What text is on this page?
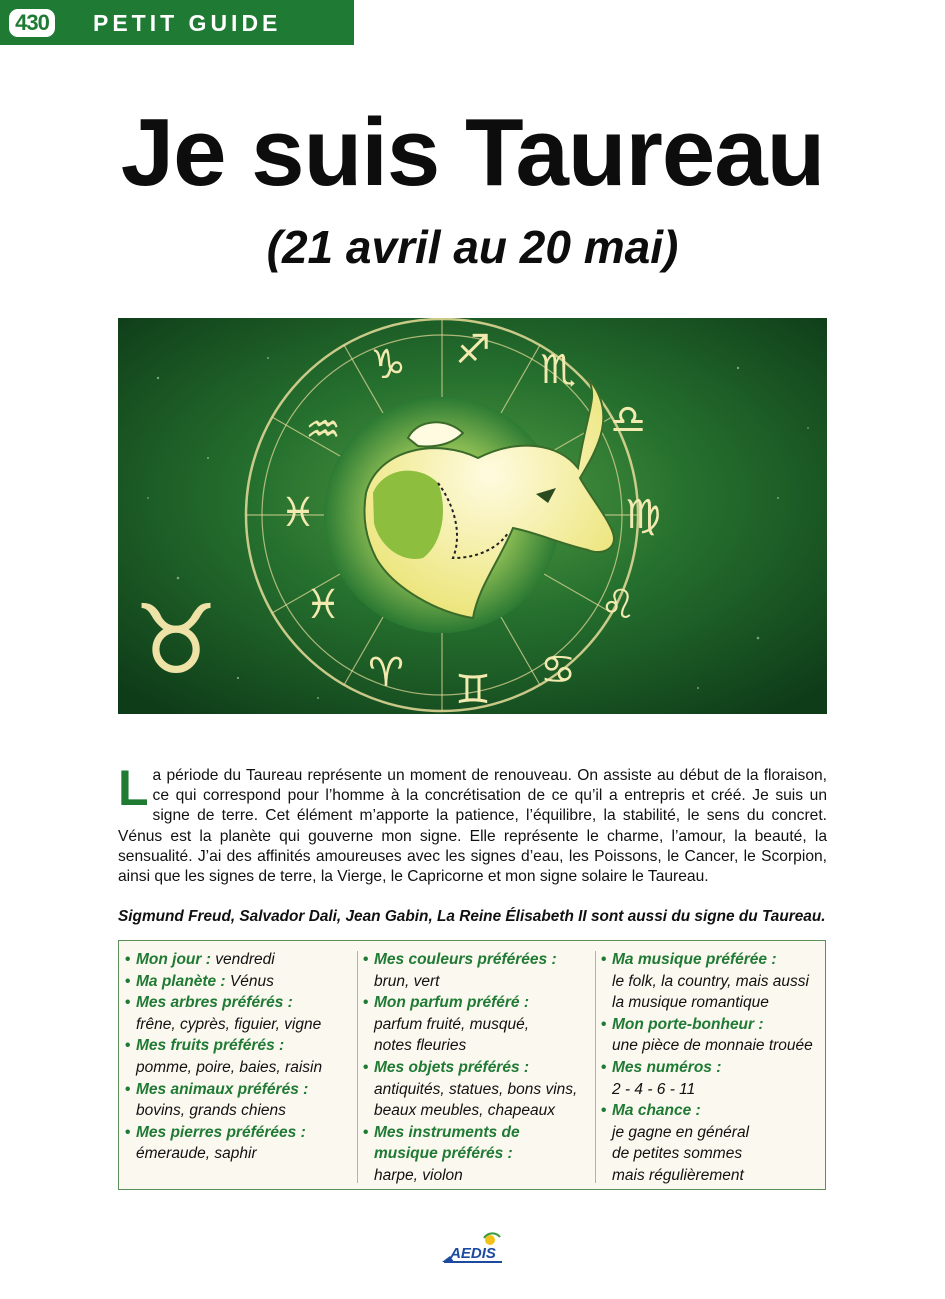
430 PETIT GUIDE
Je suis Taureau
(21 avril au 20 mai)
♑ ♐ ♏
♎
♍
♌
♋
♊
♈
♓
♓
♒
♉
La période du Taureau représente un moment de renouveau. On assiste au début de la floraison, ce qui correspond pour l’homme à la concrétisation de ce qu’il a entrepris et créé. Je suis un signe de terre. Cet élément m’apporte la patience, l’équilibre, la stabilité, le sens du concret. Vénus est la planète qui gouverne mon signe. Elle représente le charme, l’amour, la beauté, la sensualité. J’ai des affinités amoureuses avec les signes d’eau, les Poissons, le Cancer, le Scorpion, ainsi que les signes de terre, la Vierge, le Capricorne et mon signe solaire le Taureau.
Sigmund Freud, Salvador Dali, Jean Gabin, La Reine Élisabeth II sont aussi du signe du Taureau.
• Mon jour : vendredi
• Ma planète : Vénus
• Mes arbres préférés :
frêne, cyprès, figuier, vigne
• Mes fruits préférés :
pomme, poire, baies, raisin
• Mes animaux préférés :
bovins, grands chiens
• Mes pierres préférées :
émeraude, saphir
• Mes couleurs préférées :
brun, vert
• Mon parfum préféré :
parfum fruité, musqué,
notes fleuries
• Mes objets préférés :
antiquités, statues, bons vins,
beaux meubles, chapeaux
• Mes instruments de
musique préférés :
harpe, violon
• Ma musique préférée :
le folk, la country, mais aussi
la musique romantique
• Mon porte-bonheur :
une pièce de monnaie trouée
• Mes numéros :
2 - 4 - 6 - 11
• Ma chance :
je gagne en général
de petites sommes
mais régulièrement
AEDIS
